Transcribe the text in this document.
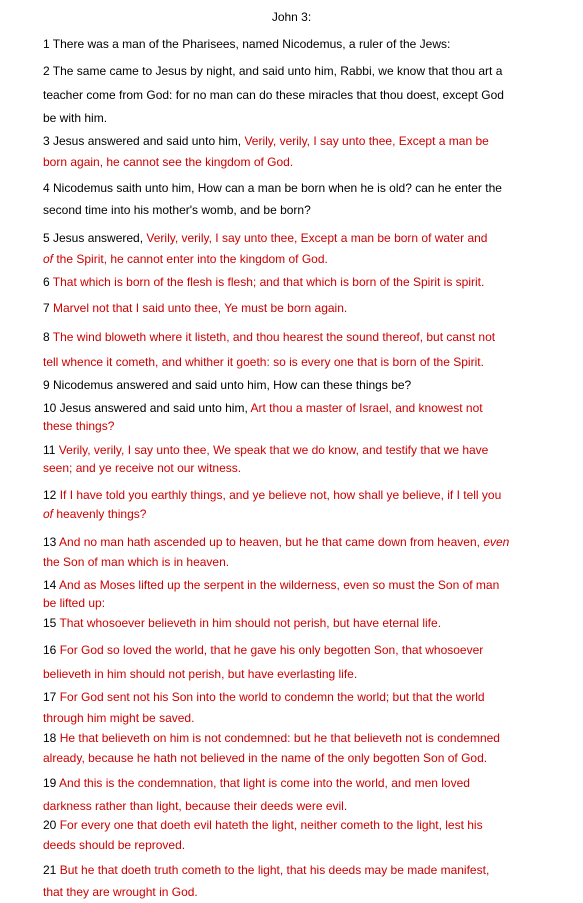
John 3:
1 There was a man of the Pharisees, named Nicodemus, a ruler of the Jews:
2 The same came to Jesus by night, and said unto him, Rabbi, we know that thou art a
teacher come from God: for no man can do these miracles that thou doest, except God
be with him.
3 Jesus answered and said unto him, Verily, verily, I say unto thee, Except a man be
born again, he cannot see the kingdom of God.
4 Nicodemus saith unto him, How can a man be born when he is old? can he enter the
second time into his mother's womb, and be born?
5 Jesus answered, Verily, verily, I say unto thee, Except a man be born of water and
of the Spirit, he cannot enter into the kingdom of God.
6 That which is born of the flesh is flesh; and that which is born of the Spirit is spirit.
7 Marvel not that I said unto thee, Ye must be born again.
8 The wind bloweth where it listeth, and thou hearest the sound thereof, but canst not
tell whence it cometh, and whither it goeth: so is every one that is born of the Spirit.
9 Nicodemus answered and said unto him, How can these things be?
10 Jesus answered and said unto him, Art thou a master of Israel, and knowest not
these things?
11 Verily, verily, I say unto thee, We speak that we do know, and testify that we have
seen; and ye receive not our witness.
12 If I have told you earthly things, and ye believe not, how shall ye believe, if I tell you
of heavenly things?
13 And no man hath ascended up to heaven, but he that came down from heaven, even
the Son of man which is in heaven.
14 And as Moses lifted up the serpent in the wilderness, even so must the Son of man
be lifted up:
15 That whosoever believeth in him should not perish, but have eternal life.
16 For God so loved the world, that he gave his only begotten Son, that whosoever
believeth in him should not perish, but have everlasting life.
17 For God sent not his Son into the world to condemn the world; but that the world
through him might be saved.
18 He that believeth on him is not condemned: but he that believeth not is condemned
already, because he hath not believed in the name of the only begotten Son of God.
19 And this is the condemnation, that light is come into the world, and men loved
darkness rather than light, because their deeds were evil.
20 For every one that doeth evil hateth the light, neither cometh to the light, lest his
deeds should be reproved.
21 But he that doeth truth cometh to the light, that his deeds may be made manifest,
that they are wrought in God.
